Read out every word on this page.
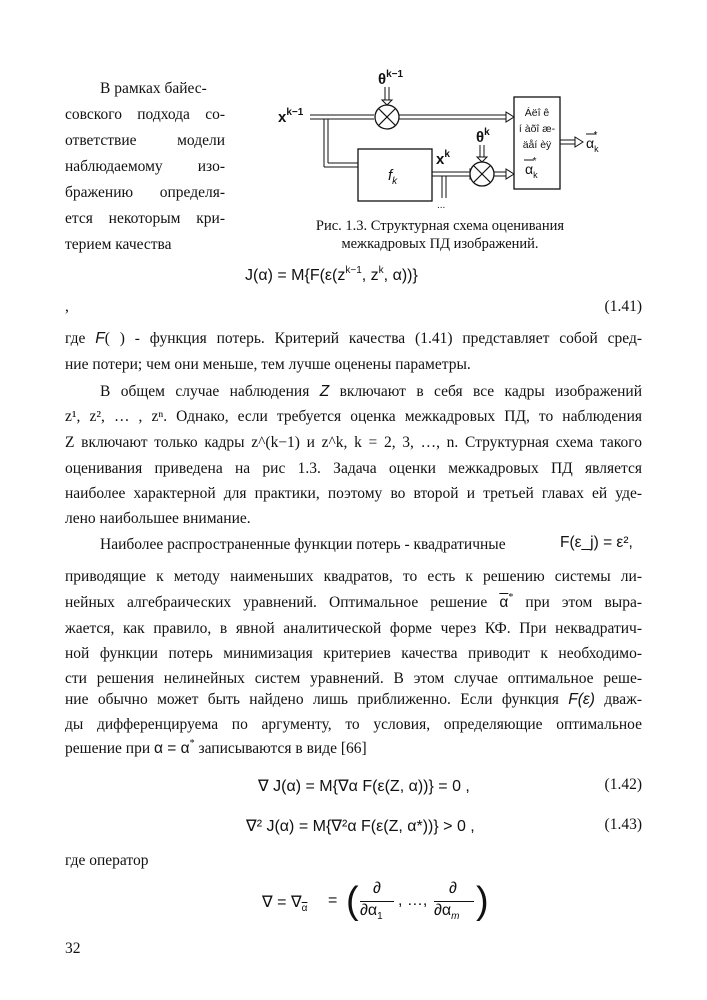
В рамках байес-
совского подхода со-
ответствие модели
наблюдаемому изо-
бражению определя-
ется некоторым кри-
терием качества
$x^{k-1}$
$\theta^{k-1}$
$f_k$
...
$x^k$
$\theta^k$
Áëî ê
í àõî æ-
äåí èÿ
$\alpha_k*$
$\alpha_k*$
Рис. 1.3. Структурная схема оценивания
межкадровых ПД изображений.
$J(\alpha) = M\{F(\varepsilon(z^{k-1}$, $z^k$, α))}
,	(1.41)
где F( ) - функция потерь. Критерий качества (1.41) представляет собой сред-
ние потери; чем они меньше, тем лучше оценены параметры.
В общем случае наблюдения Z включают в себя все кадры изображений
z¹, z², … , zⁿ. Однако, если требуется оценка межкадровых ПД, то наблюдения
Z включают только кадры z^(k−1) и z^k, k = 2, 3, …, n. Структурная схема такого
оценивания приведена на рис 1.3. Задача оценки межкадровых ПД является
наиболее характерной для практики, поэтому во второй и третьей главах ей уде-
лено наибольшее внимание.
Наиболее распространенные функции потерь - квадратичные	F(ε_j) = ε²,
приводящие к методу наименьших квадратов, то есть к решению системы ли-
нейных алгебраических уравнений. Оптимальное решение $\overline{\alpha}^*$ при этом выра-
жается, как правило, в явной аналитической форме через КФ. При неквадратич-
ной функции потерь минимизация критериев качества приводит к необходимо-
сти решения нелинейных систем уравнений. В этом случае оптимальное реше-
ние обычно может быть найдено лишь приближенно. Если функция F(ε) дваж-
ды дифференцируема по аргументу, то условия, определяющие оптимальное
решение при α = α* записываются в виде [66]
∇ J(α) = M{∇α F(ε(Z, α))} = 0 ,	(1.42)
∇² J(α) = M{∇²α F(ε(Z, α*))} > 0 ,	(1.43)
где оператор
∇ = $\nabla_{\overline{\alpha}}$ = ( ∂
$\partial\alpha_1$
, …,
∂
$\partial\alpha_m$ )
32
